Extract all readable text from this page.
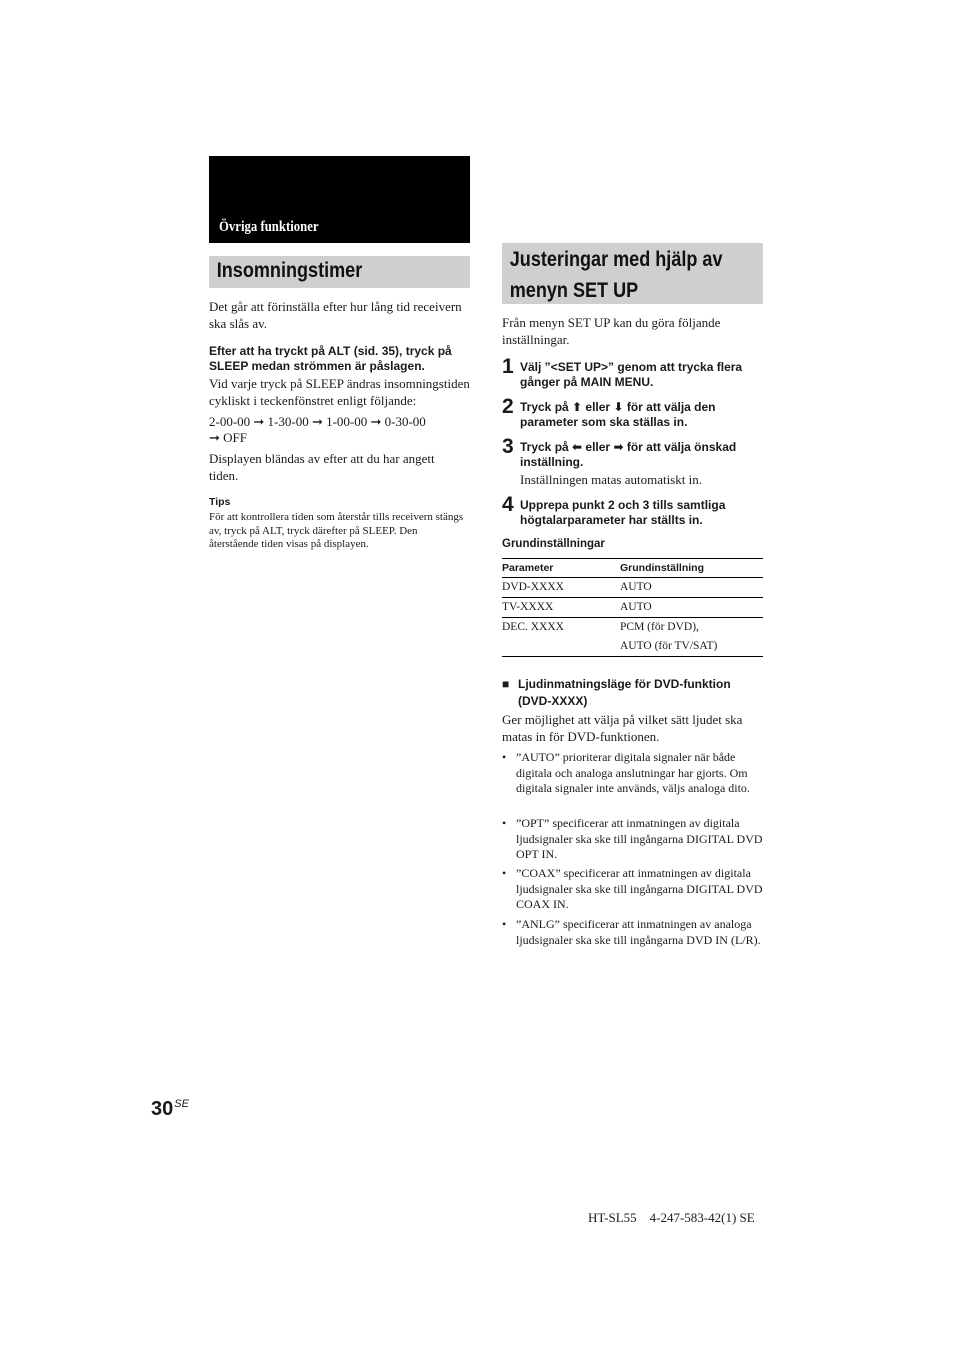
Övriga funktioner
Insomningstimer
Det går att förinställa efter hur lång tid receivern ska slås av.
Efter att ha tryckt på ALT (sid. 35), tryck på SLEEP medan strömmen är påslagen.
Vid varje tryck på SLEEP ändras insomningstiden cykliskt i teckenfönstret enligt följande:
2-00-00 ➞ 1-30-00 ➞ 1-00-00 ➞ 0-30-00
➞ OFF
Displayen bländas av efter att du har angett tiden.
Tips
För att kontrollera tiden som återstår tills receivern stängs av, tryck på ALT, tryck därefter på SLEEP. Den återstående tiden visas på displayen.
Justeringar med hjälp av
menyn SET UP
Från menyn SET UP kan du göra följande inställningar.
1 Välj ”<SET UP>” genom att trycka flera gånger på MAIN MENU.
2 Tryck på ⬆ eller ⬇ för att välja den parameter som ska ställas in.
3 Tryck på ⬅ eller ➡ för att välja önskad inställning.
Inställningen matas automatiskt in.
4 Upprepa punkt 2 och 3 tills samtliga högtalarparameter har ställts in.
Grundinställningar
Parameter	Grundinställning
DVD-XXXX	AUTO
TV-XXXX	AUTO
DEC. XXXX	PCM (för DVD),
AUTO (för TV/SAT)
■ Ljudinmatningsläge för DVD-funktion
(DVD-XXXX)
Ger möjlighet att välja på vilket sätt ljudet ska matas in för DVD-funktionen.
• ”AUTO” prioriterar digitala signaler när både digitala och analoga anslutningar har gjorts. Om digitala signaler inte används, väljs analoga dito.
• ”OPT” specificerar att inmatningen av digitala ljudsignaler ska ske till ingångarna DIGITAL DVD OPT IN.
• ”COAX” specificerar att inmatningen av digitala ljudsignaler ska ske till ingångarna DIGITAL DVD COAX IN.
• ”ANLG” specificerar att inmatningen av analoga ljudsignaler ska ske till ingångarna DVD IN (L/R).
$30^{SE}$
HT-SL55    4-247-583-42(1) SE
